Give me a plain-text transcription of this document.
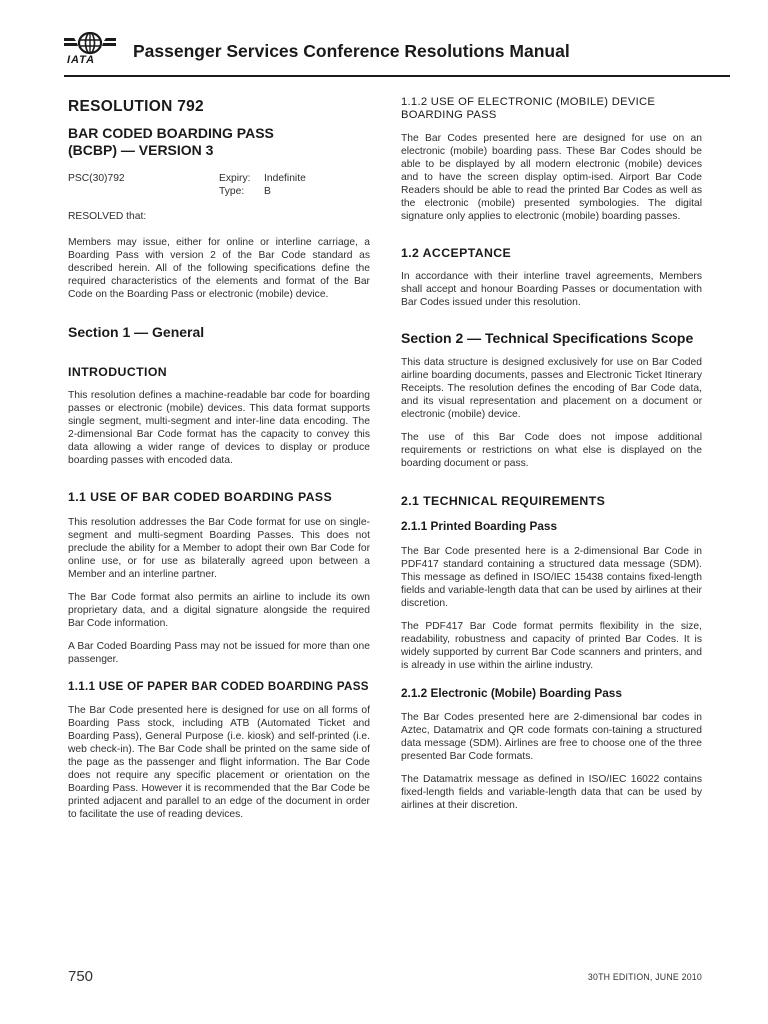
IATA Passenger Services Conference Resolutions Manual
RESOLUTION 792
BAR CODED BOARDING PASS
(BCBP) — VERSION 3
PSC(30)792	Expiry: Indefinite
Type: B

RESOLVED that:

Members may issue, either for online or interline carriage, a Boarding Pass with version 2 of the Bar Code standard as described herein. All of the following specifications define the required characteristics of the elements and format of the Bar Code on the Boarding Pass or electronic (mobile) device.

Section 1 — General
INTRODUCTION

This resolution defines a machine-readable bar code for boarding passes or electronic (mobile) devices. This data format supports single segment, multi-segment and inter-line data encoding. The 2-dimensional Bar Code format has the capacity to convey this data allowing a wider range of devices to display or produce boarding passes with encoded data.

1.1 USE OF BAR CODED BOARDING PASS

This resolution addresses the Bar Code format for use on single-segment and multi-segment Boarding Passes. This does not preclude the ability for a Member to adopt their own Bar Code for online use, or for use as bilaterally agreed upon between a Member and an interline partner.

The Bar Code format also permits an airline to include its own proprietary data, and a digital signature alongside the required Bar Code information.

A Bar Coded Boarding Pass may not be issued for more than one passenger.

1.1.1 USE OF PAPER BAR CODED BOARDING PASS

The Bar Code presented here is designed for use on all forms of Boarding Pass stock, including ATB (Automated Ticket and Boarding Pass), General Purpose (i.e. kiosk) and self-printed (i.e. web check-in). The Bar Code shall be printed on the same side of the page as the passenger and flight information. The Bar Code does not require any specific placement or orientation on the Boarding Pass. However it is recommended that the Bar Code be printed adjacent and parallel to an edge of the document in order to facilitate the use of reading devices.

1.1.2 USE OF ELECTRONIC (MOBILE) DEVICE BOARDING PASS

The Bar Codes presented here are designed for use on an electronic (mobile) boarding pass. These Bar Codes should be able to be displayed by all modern electronic (mobile) devices and to have the screen display optim-ised. Airport Bar Code Readers should be able to read the printed Bar Codes as well as the electronic (mobile) presented symbologies. The digital signature only applies to electronic (mobile) boarding passes.

1.2 ACCEPTANCE

In accordance with their interline travel agreements, Members shall accept and honour Boarding Passes or documentation with Bar Codes issued under this resolution.

Section 2 — Technical Specifications Scope

This data structure is designed exclusively for use on Bar Coded airline boarding documents, passes and Electronic Ticket Itinerary Receipts. The resolution defines the encoding of Bar Code data, and its visual representation and placement on a document or electronic (mobile) device.

The use of this Bar Code does not impose additional requirements or restrictions on what else is displayed on the boarding document or pass.

2.1 TECHNICAL REQUIREMENTS
2.1.1 Printed Boarding Pass

The Bar Code presented here is a 2-dimensional Bar Code in PDF417 standard containing a structured data message (SDM). This message as defined in ISO/IEC 15438 contains fixed-length fields and variable-length data that can be used by airlines at their discretion.

The PDF417 Bar Code format permits flexibility in the size, readability, robustness and capacity of printed Bar Codes. It is widely supported by current Bar Code scanners and printers, and is already in use within the airline industry.

2.1.2 Electronic (Mobile) Boarding Pass

The Bar Codes presented here are 2-dimensional bar codes in Aztec, Datamatrix and QR code formats con-taining a structured data message (SDM). Airlines are free to choose one of the three presented Bar Code formats.

The Datamatrix message as defined in ISO/IEC 16022 contains fixed-length fields and variable-length data that can be used by airlines at their discretion.

750	30TH EDITION, JUNE 2010
